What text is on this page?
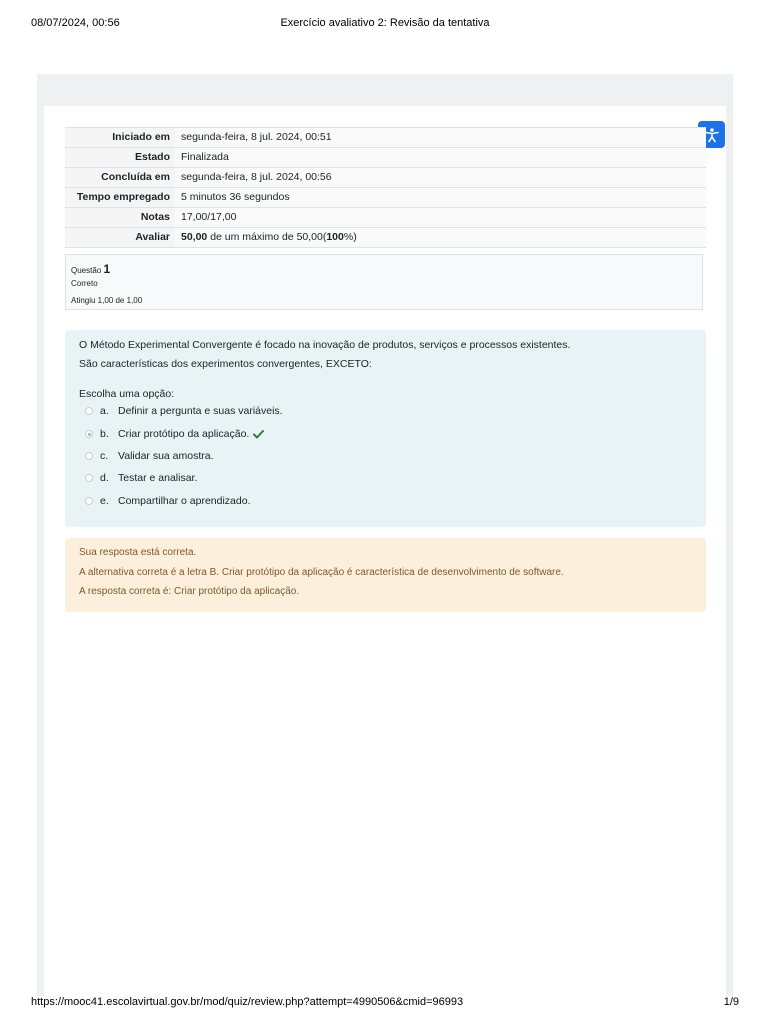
08/07/2024, 00:56	Exercício avaliativo 2: Revisão da tentativa
Iniciado em	segunda-feira, 8 jul. 2024, 00:51
Estado	Finalizada
Concluída em	segunda-feira, 8 jul. 2024, 00:56
Tempo empregado	5 minutos 36 segundos
Notas	17,00/17,00
Avaliar	50,00 de um máximo de 50,00(100%)
Questão 1
Correto
Atingiu 1,00 de 1,00
O Método Experimental Convergente é focado na inovação de produtos, serviços e processos existentes.
São características dos experimentos convergentes, EXCETO:
Escolha uma opção:
a. Definir a pergunta e suas variáveis.
b. Criar protótipo da aplicação.
c. Validar sua amostra.
d. Testar e analisar.
e. Compartilhar o aprendizado.
Sua resposta está correta.
A alternativa correta é a letra B. Criar protótipo da aplicação é característica de desenvolvimento de software.
A resposta correta é: Criar protótipo da aplicação.
https://mooc41.escolavirtual.gov.br/mod/quiz/review.php?attempt=4990506&cmid=96993	1/9
